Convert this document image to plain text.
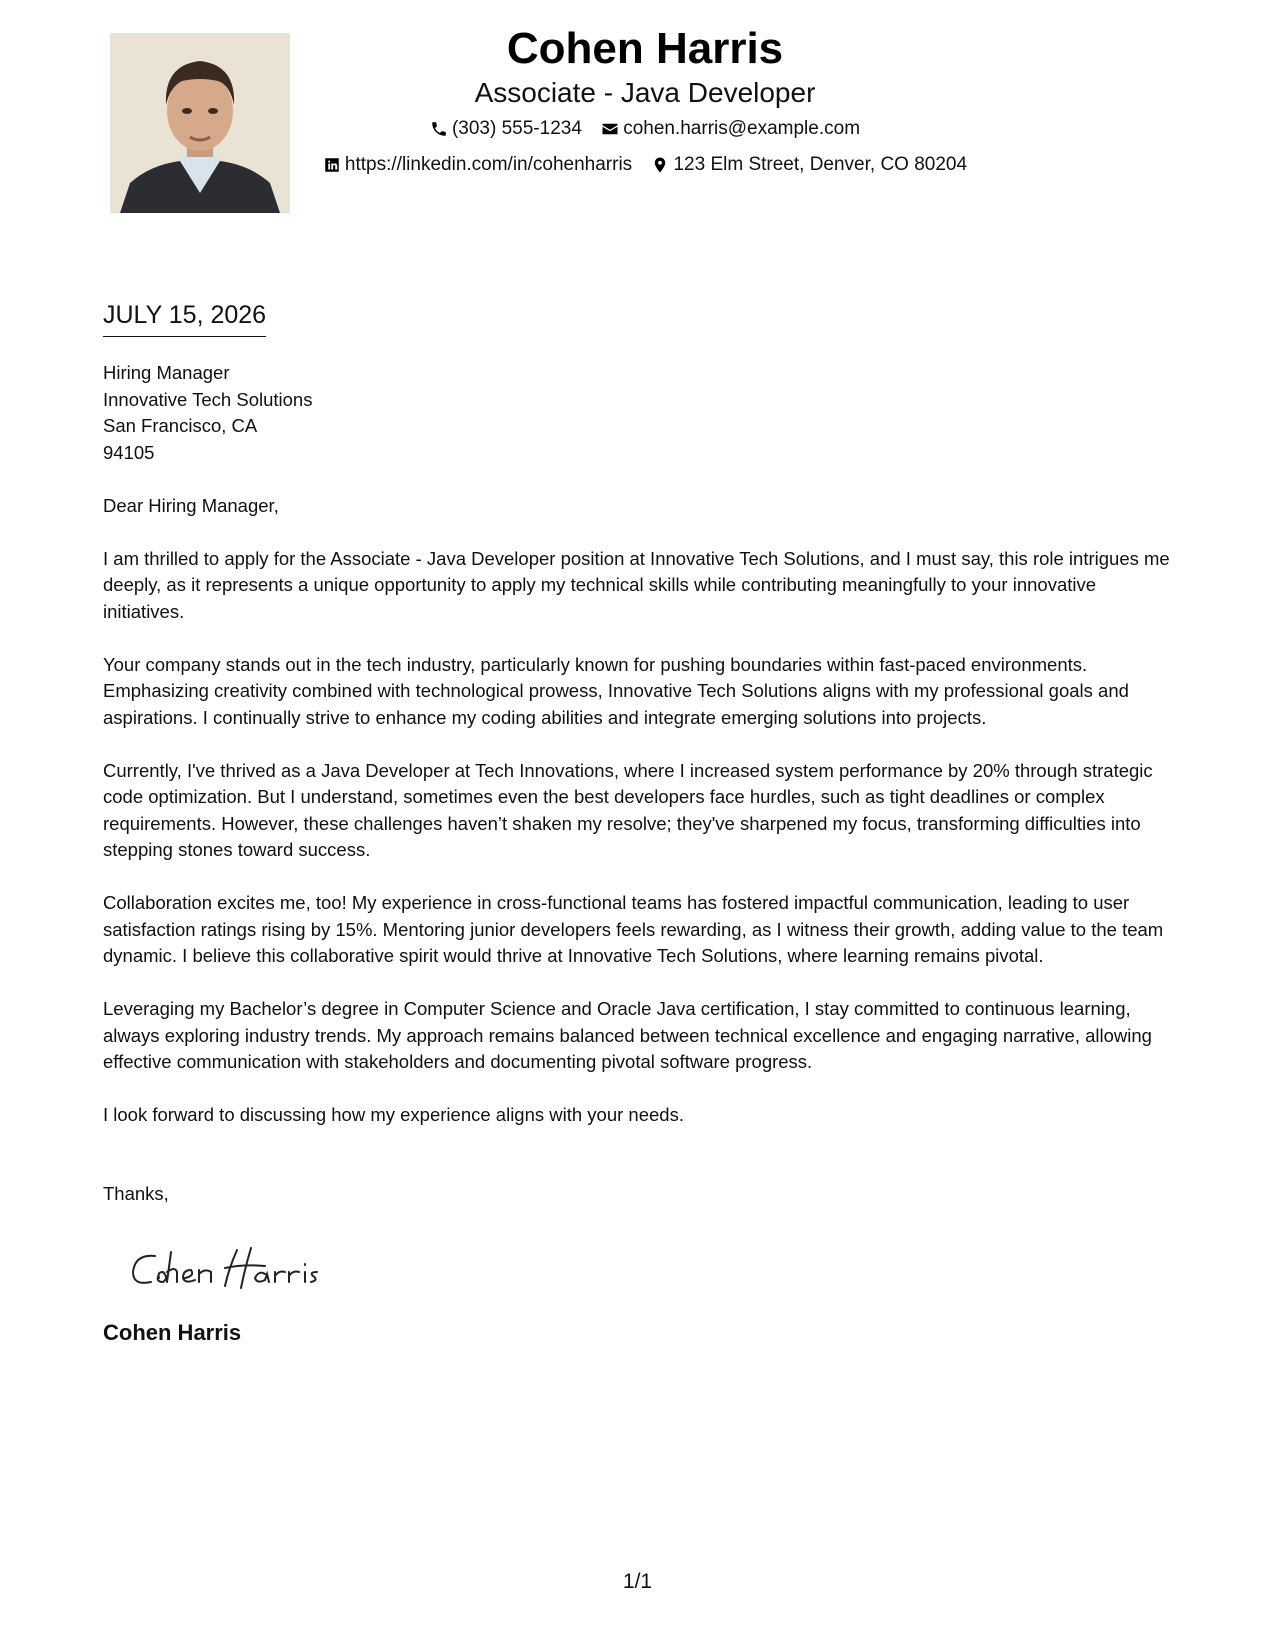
Cohen Harris
Associate - Java Developer
(303) 555-1234
cohen.harris@example.com
https://linkedin.com/in/cohenharris
123 Elm Street, Denver, CO 80204
JULY 15, 2026
Hiring Manager
Innovative Tech Solutions
San Francisco, CA
94105

Dear Hiring Manager,

I am thrilled to apply for the Associate - Java Developer position at Innovative Tech Solutions, and I must say, this role intrigues me deeply, as it represents a unique opportunity to apply my technical skills while contributing meaningfully to your innovative initiatives.

Your company stands out in the tech industry, particularly known for pushing boundaries within fast-paced environments. Emphasizing creativity combined with technological prowess, Innovative Tech Solutions aligns with my professional goals and aspirations. I continually strive to enhance my coding abilities and integrate emerging solutions into projects.

Currently, I've thrived as a Java Developer at Tech Innovations, where I increased system performance by 20% through strategic code optimization. But I understand, sometimes even the best developers face hurdles, such as tight deadlines or complex requirements. However, these challenges haven’t shaken my resolve; they've sharpened my focus, transforming difficulties into stepping stones toward success.

Collaboration excites me, too! My experience in cross-functional teams has fostered impactful communication, leading to user satisfaction ratings rising by 15%. Mentoring junior developers feels rewarding, as I witness their growth, adding value to the team dynamic. I believe this collaborative spirit would thrive at Innovative Tech Solutions, where learning remains pivotal.

Leveraging my Bachelor’s degree in Computer Science and Oracle Java certification, I stay committed to continuous learning, always exploring industry trends. My approach remains balanced between technical excellence and engaging narrative, allowing effective communication with stakeholders and documenting pivotal software progress.

I look forward to discussing how my experience aligns with your needs.

Thanks,

Cohen Harris
1/1
